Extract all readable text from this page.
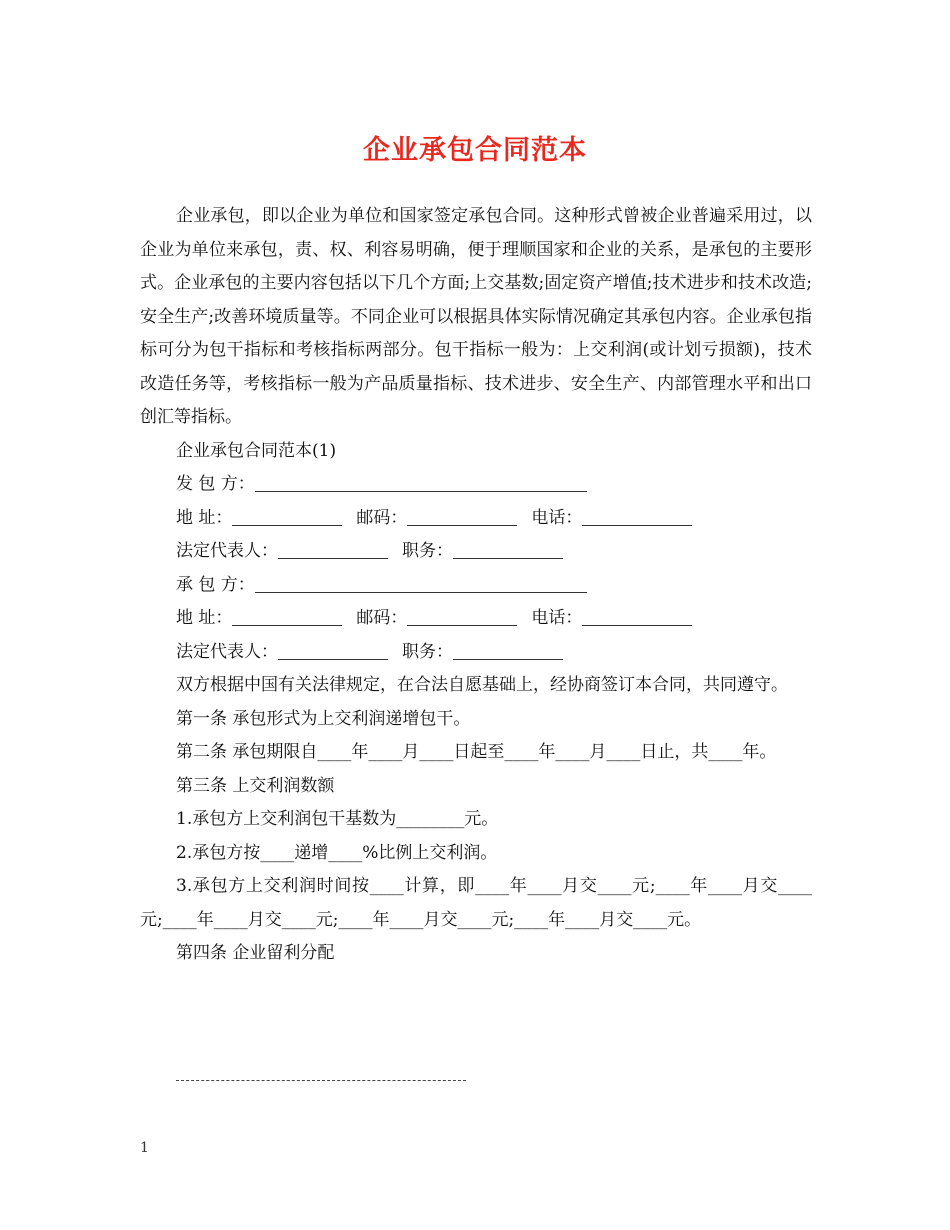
企业承包合同范本

企业承包，即以企业为单位和国家签定承包合同。这种形式曾被企业普遍采用过，以企业为单位来承包，责、权、利容易明确，便于理顺国家和企业的关系，是承包的主要形式。企业承包的主要内容包括以下几个方面;上交基数;固定资产增值;技术进步和技术改造;安全生产;改善环境质量等。不同企业可以根据具体实际情况确定其承包内容。企业承包指标可分为包干指标和考核指标两部分。包干指标一般为：上交利润(或计划亏损额)，技术改造任务等，考核指标一般为产品质量指标、技术进步、安全生产、内部管理水平和出口创汇等指标。

企业承包合同范本(1)

发 包 方：

地 址：	邮码：	电话：

法定代表人：	职务：

承 包 方：

地 址：	邮码：	电话：

法定代表人：	职务：

双方根据中国有关法律规定，在合法自愿基础上，经协商签订本合同，共同遵守。

第一条 承包形式为上交利润递增包干。

第二条 承包期限自____年____月____日起至____年____月____日止，共____年。

第三条 上交利润数额

1.承包方上交利润包干基数为________元。

2.承包方按____递增____%比例上交利润。

3.承包方上交利润时间按____计算，即____年____月交____元;____年____月交____元;____年____月交____元;____年____月交____元;____年____月交____元。

第四条 企业留利分配

1
